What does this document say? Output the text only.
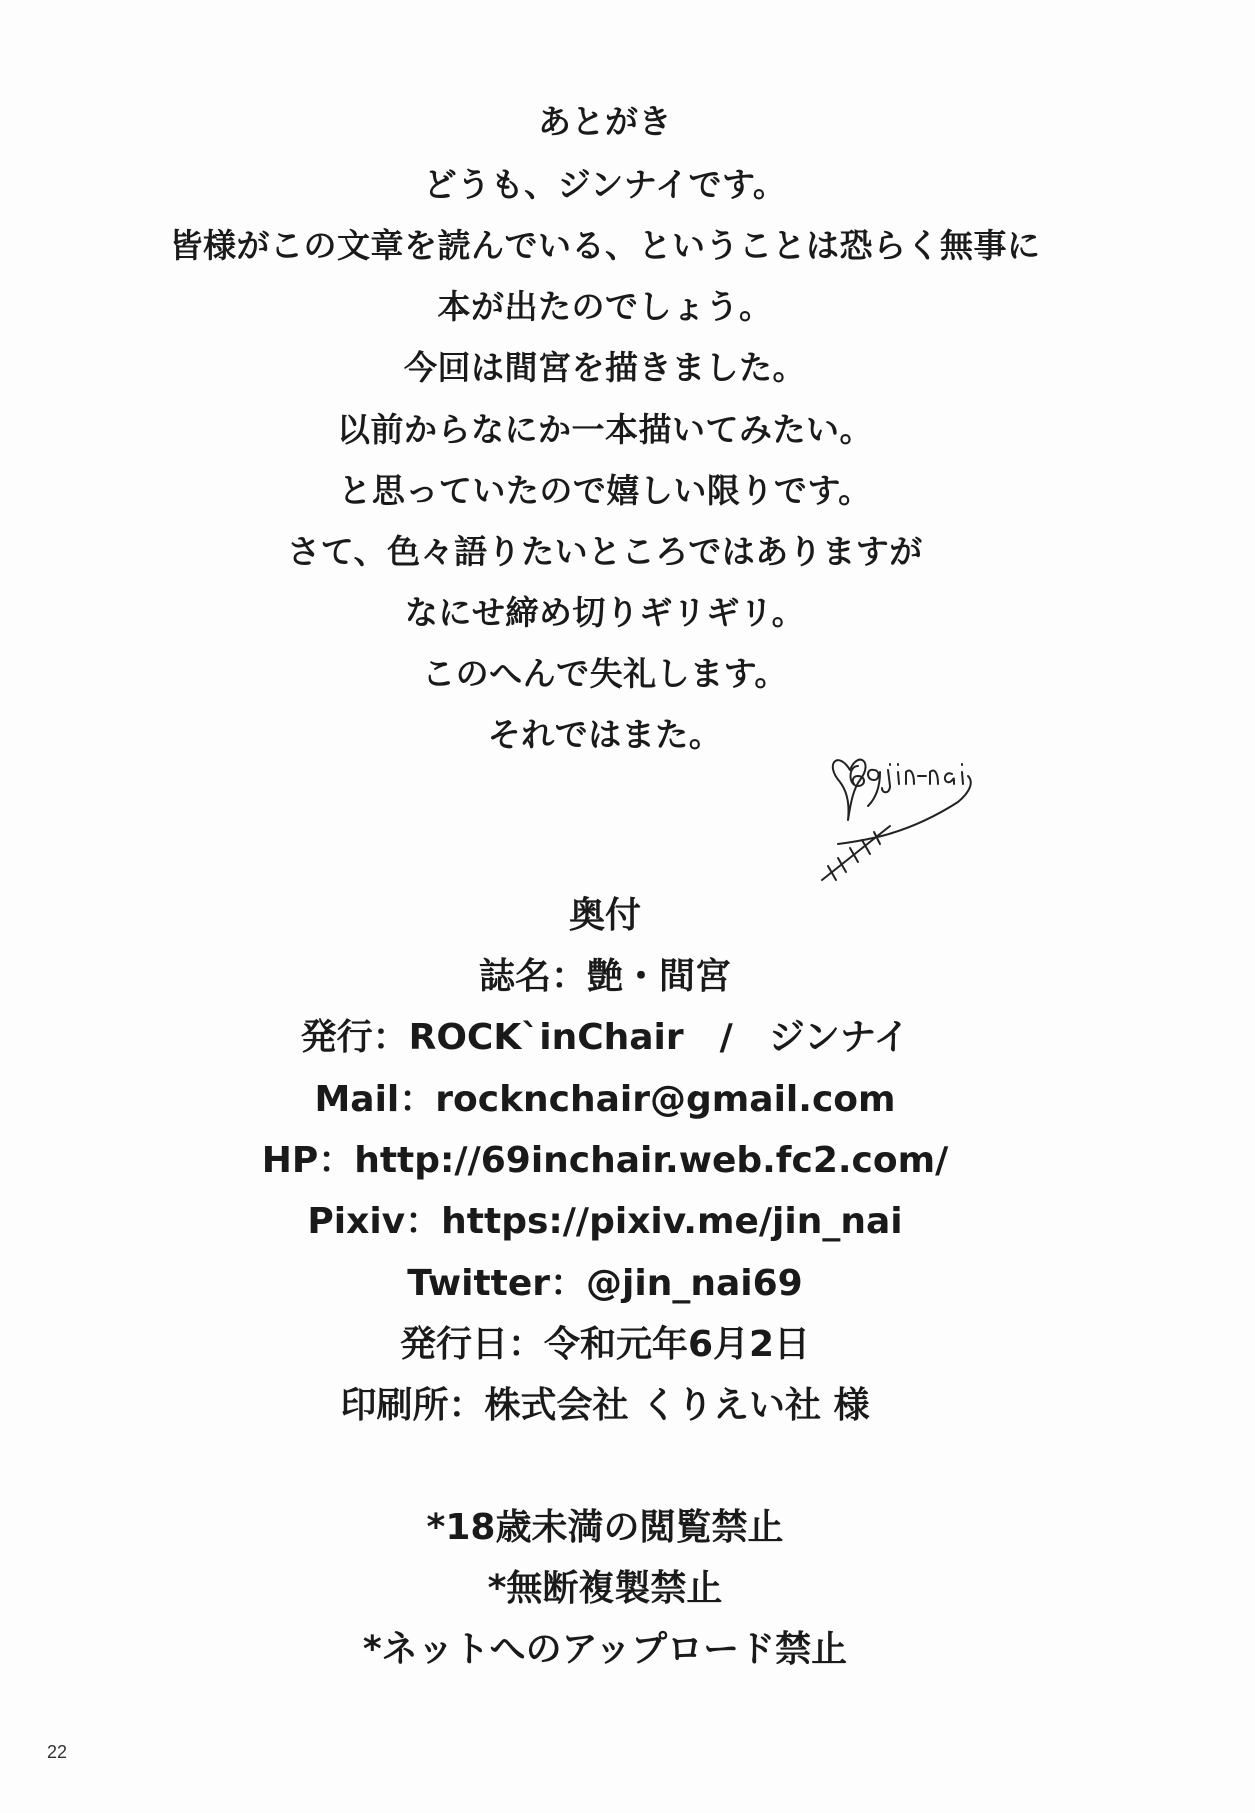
あとがき
どうも、ジンナイです。
皆様がこの文章を読んでいる、ということは恐らく無事に
本が出たのでしょう。
今回は間宮を描きました。
以前からなにか一本描いてみたい。
と思っていたので嬉しい限りです。
さて、色々語りたいところではありますが
なにせ締め切りギリギリ。
このへんで失礼します。
それではまた。
69 jin-nai
奥付
誌名：艶・間宮
発行：ROCK`inChair　/　ジンナイ
Mail：rocknchair@gmail.com
HP：http://69inchair.web.fc2.com/
Pixiv：https://pixiv.me/jin_nai
Twitter：@jin_nai69
発行日：令和元年6月2日
印刷所：株式会社 くりえい社 様
*18歳未満の閲覧禁止
*無断複製禁止
*ネットへのアップロード禁止
22
